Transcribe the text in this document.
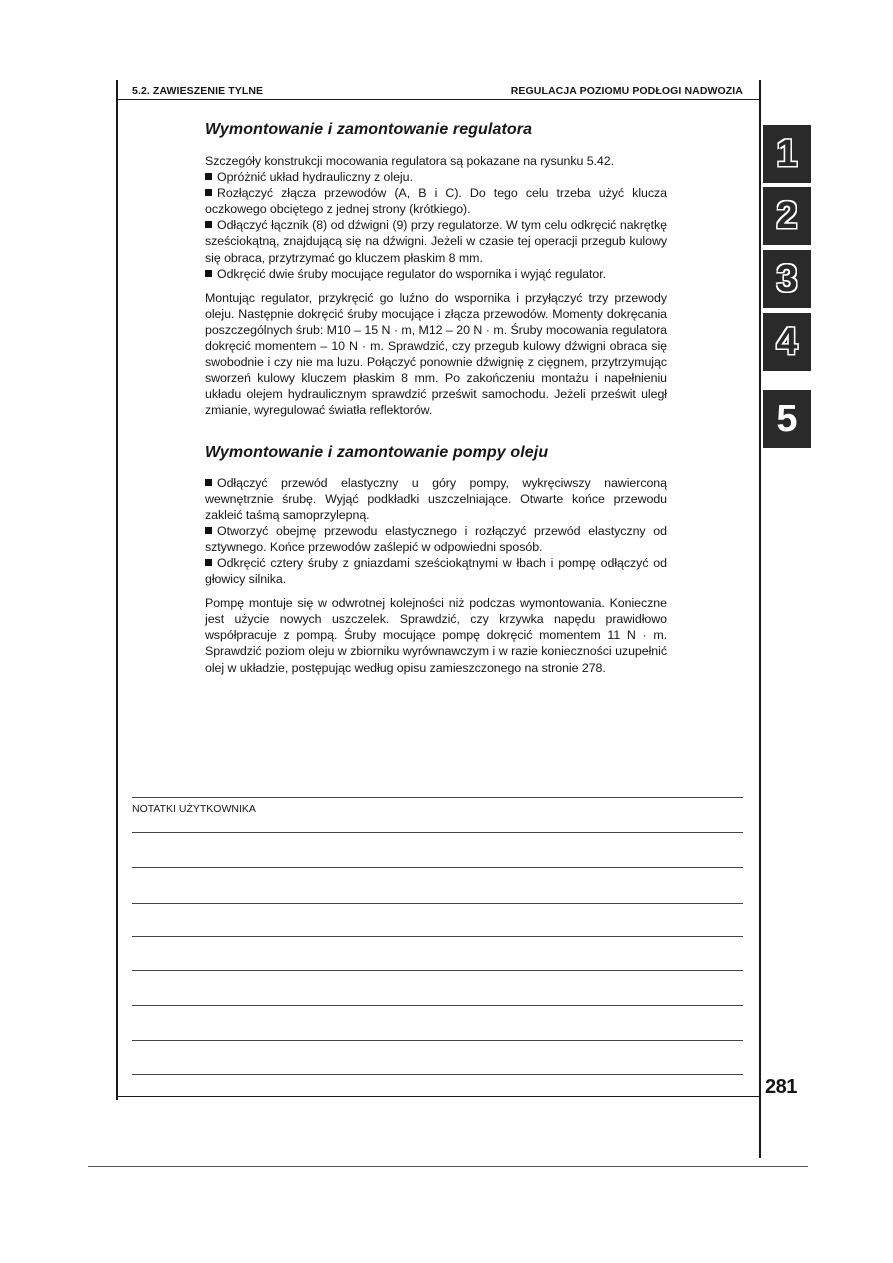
5.2. ZAWIESZENIE TYLNE	REGULACJA POZIOMU PODŁOGI NADWOZIA
Wymontowanie i zamontowanie regulatora

Szczegóły konstrukcji mocowania regulatora są pokazane na rysunku 5.42.

Opróżnić układ hydrauliczny z oleju.

Rozłączyć złącza przewodów (A, B i C). Do tego celu trzeba użyć klucza oczkowego obciętego z jednej strony (krótkiego).

Odłączyć łącznik (8) od dźwigni (9) przy regulatorze. W tym celu odkręcić nakrętkę sześciokątną, znajdującą się na dźwigni. Jeżeli w czasie tej operacji przegub kulowy się obraca, przytrzymać go kluczem płaskim 8 mm.

Odkręcić dwie śruby mocujące regulator do wspornika i wyjąć regulator.

Montując regulator, przykręcić go luźno do wspornika i przyłączyć trzy przewody oleju. Następnie dokręcić śruby mocujące i złącza przewodów. Momenty dokręcania poszczególnych śrub: M10 – 15 N · m, M12 – 20 N · m. Śruby mocowania regulatora dokręcić momentem – 10 N · m. Sprawdzić, czy przegub kulowy dźwigni obraca się swobodnie i czy nie ma luzu. Połączyć ponownie dźwignię z cięgnem, przytrzymując sworzeń kulowy kluczem płaskim 8 mm. Po zakończeniu montażu i napełnieniu układu olejem hydraulicznym sprawdzić prześwit samochodu. Jeżeli prześwit uległ zmianie, wyregulować światła reflektorów.

Wymontowanie i zamontowanie pompy oleju

Odłączyć przewód elastyczny u góry pompy, wykręciwszy nawierconą wewnętrznie śrubę. Wyjąć podkładki uszczelniające. Otwarte końce przewodu zakleić taśmą samoprzylepną.

Otworzyć obejmę przewodu elastycznego i rozłączyć przewód elastyczny od sztywnego. Końce przewodów zaślepić w odpowiedni sposób.

Odkręcić cztery śruby z gniazdami sześciokątnymi w łbach i pompę odłączyć od głowicy silnika.

Pompę montuje się w odwrotnej kolejności niż podczas wymontowania. Konieczne jest użycie nowych uszczelek. Sprawdzić, czy krzywka napędu prawidłowo współpracuje z pompą. Śruby mocujące pompę dokręcić momentem 11 N · m. Sprawdzić poziom oleju w zbiorniku wyrównawczym i w razie konieczności uzupełnić olej w układzie, postępując według opisu zamieszczonego na stronie 278.

1
2
3
4
5
NOTATKI UŻYTKOWNIKA
281
